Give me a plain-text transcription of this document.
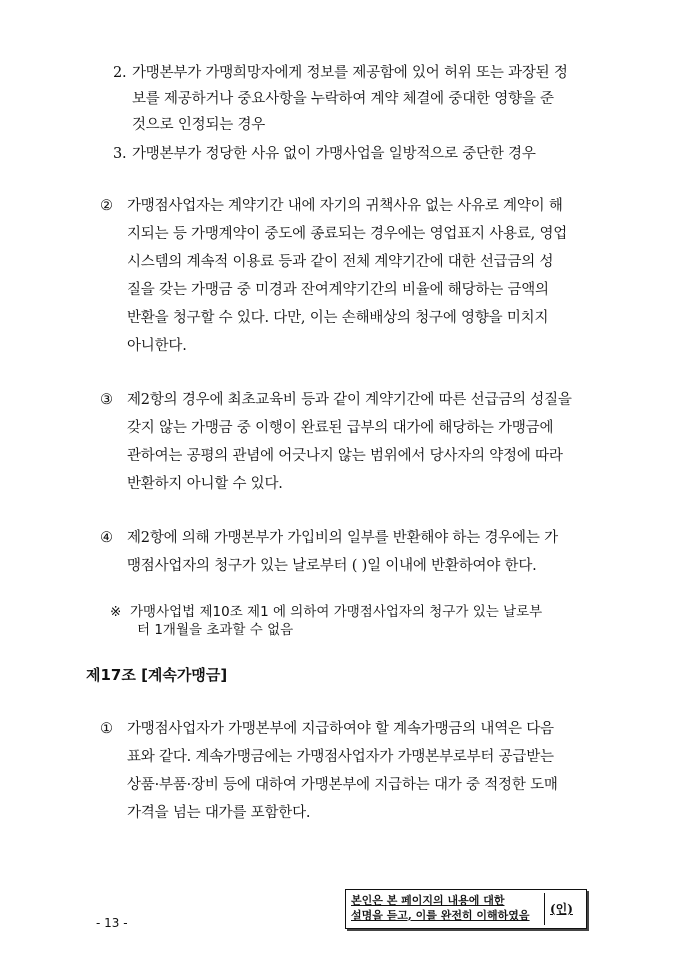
2. 가맹본부가 가맹희망자에게 정보를 제공함에 있어 허위 또는 과장된 정
보를 제공하거나 중요사항을 누락하여 계약 체결에 중대한 영향을 준
것으로 인정되는 경우
3. 가맹본부가 정당한 사유 없이 가맹사업을 일방적으로 중단한 경우
② 가맹점사업자는 계약기간 내에 자기의 귀책사유 없는 사유로 계약이 해
지되는 등 가맹계약이 중도에 종료되는 경우에는 영업표지 사용료, 영업
시스템의 계속적 이용료 등과 같이 전체 계약기간에 대한 선급금의 성
질을 갖는 가맹금 중 미경과 잔여계약기간의 비율에 해당하는 금액의
반환을 청구할 수 있다. 다만, 이는 손해배상의 청구에 영향을 미치지
아니한다.
③ 제2항의 경우에 최초교육비 등과 같이 계약기간에 따른 선급금의 성질을
갖지 않는 가맹금 중 이행이 완료된 급부의 대가에 해당하는 가맹금에
관하여는 공평의 관념에 어긋나지 않는 범위에서 당사자의 약정에 따라
반환하지 아니할 수 있다.
④ 제2항에 의해 가맹본부가 가입비의 일부를 반환해야 하는 경우에는 가
맹점사업자의 청구가 있는 날로부터 ( )일 이내에 반환하여야 한다.
※ 가맹사업법 제10조 제1 에 의하여 가맹점사업자의 청구가 있는 날로부
터 1개월을 초과할 수 없음
제17조 [계속가맹금]
① 가맹점사업자가 가맹본부에 지급하여야 할 계속가맹금의 내역은 다음
표와 같다. 계속가맹금에는 가맹점사업자가 가맹본부로부터 공급받는
상품·부품·장비 등에 대하여 가맹본부에 지급하는 대가 중 적정한 도매
가격을 넘는 대가를 포함한다.
본인은 본 페이지의 내용에 대한
설명을 듣고, 이를 완전히 이해하였음	(인)
- 13 -
